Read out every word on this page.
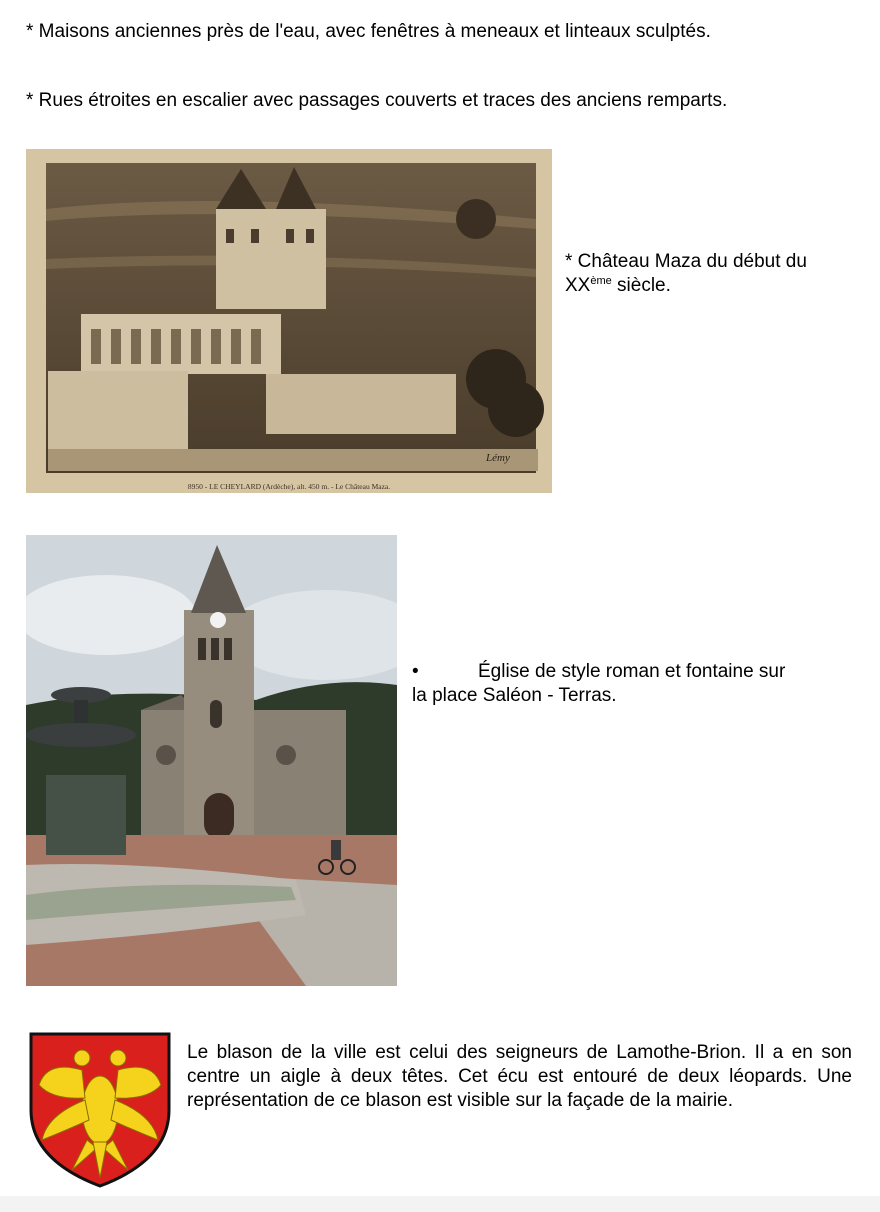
* Maisons anciennes près de l'eau, avec fenêtres à meneaux et linteaux sculptés.
* Rues étroites en escalier avec passages couverts et traces des anciens remparts.
Lémy
8950 - LE CHEYLARD (Ardèche), alt. 450 m. - Le Château Maza.
* Château Maza du début du
XXème siècle.
•	Église de style roman et fontaine sur
la place Saléon - Terras.
Le blason de la ville est celui des seigneurs de Lamothe-Brion. Il a en son centre un aigle à deux têtes. Cet écu est entouré de deux léopards. Une représentation de ce blason est visible sur la façade de la mairie.
